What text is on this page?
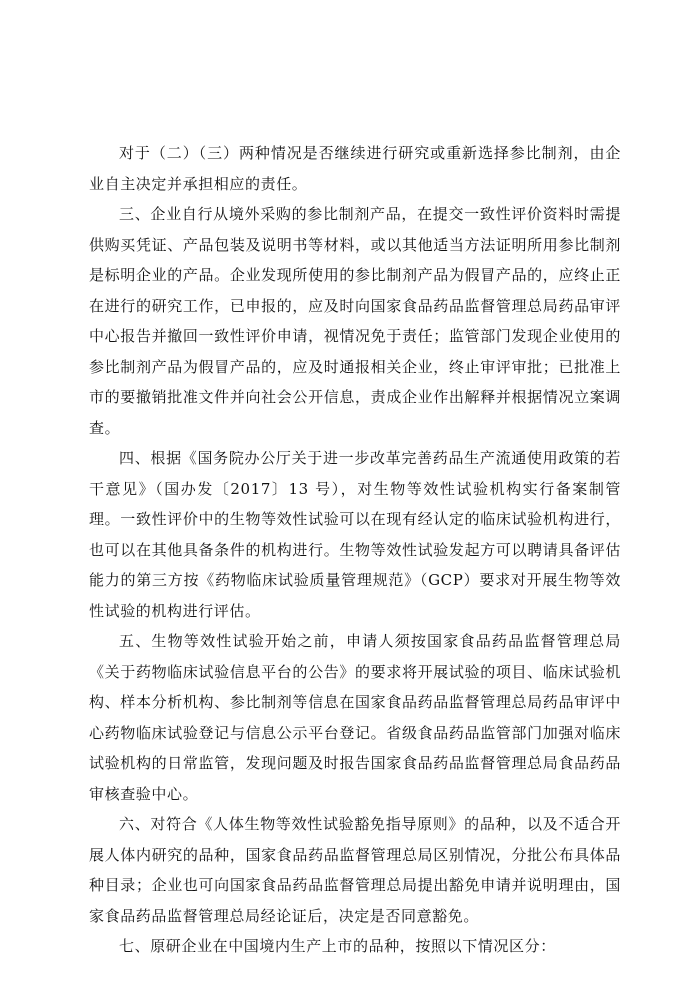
对于（二）（三）两种情况是否继续进行研究或重新选择参比制剂，由企业自主决定并承担相应的责任。

三、企业自行从境外采购的参比制剂产品，在提交一致性评价资料时需提供购买凭证、产品包装及说明书等材料，或以其他适当方法证明所用参比制剂是标明企业的产品。企业发现所使用的参比制剂产品为假冒产品的，应终止正在进行的研究工作，已申报的，应及时向国家食品药品监督管理总局药品审评中心报告并撤回一致性评价申请，视情况免于责任；监管部门发现企业使用的参比制剂产品为假冒产品的，应及时通报相关企业，终止审评审批；已批准上市的要撤销批准文件并向社会公开信息，责成企业作出解释并根据情况立案调查。

四、根据《国务院办公厅关于进一步改革完善药品生产流通使用政策的若干意见》（国办发〔2017〕13 号），对生物等效性试验机构实行备案制管理。一致性评价中的生物等效性试验可以在现有经认定的临床试验机构进行，也可以在其他具备条件的机构进行。生物等效性试验发起方可以聘请具备评估能力的第三方按《药物临床试验质量管理规范》（GCP）要求对开展生物等效性试验的机构进行评估。

五、生物等效性试验开始之前，申请人须按国家食品药品监督管理总局《关于药物临床试验信息平台的公告》的要求将开展试验的项目、临床试验机构、样本分析机构、参比制剂等信息在国家食品药品监督管理总局药品审评中心药物临床试验登记与信息公示平台登记。省级食品药品监管部门加强对临床试验机构的日常监管，发现问题及时报告国家食品药品监督管理总局食品药品审核查验中心。

六、对符合《人体生物等效性试验豁免指导原则》的品种，以及不适合开展人体内研究的品种，国家食品药品监督管理总局区别情况，分批公布具体品种目录；企业也可向国家食品药品监督管理总局提出豁免申请并说明理由，国家食品药品监督管理总局经论证后，决定是否同意豁免。

七、原研企业在中国境内生产上市的品种，按照以下情况区分：
